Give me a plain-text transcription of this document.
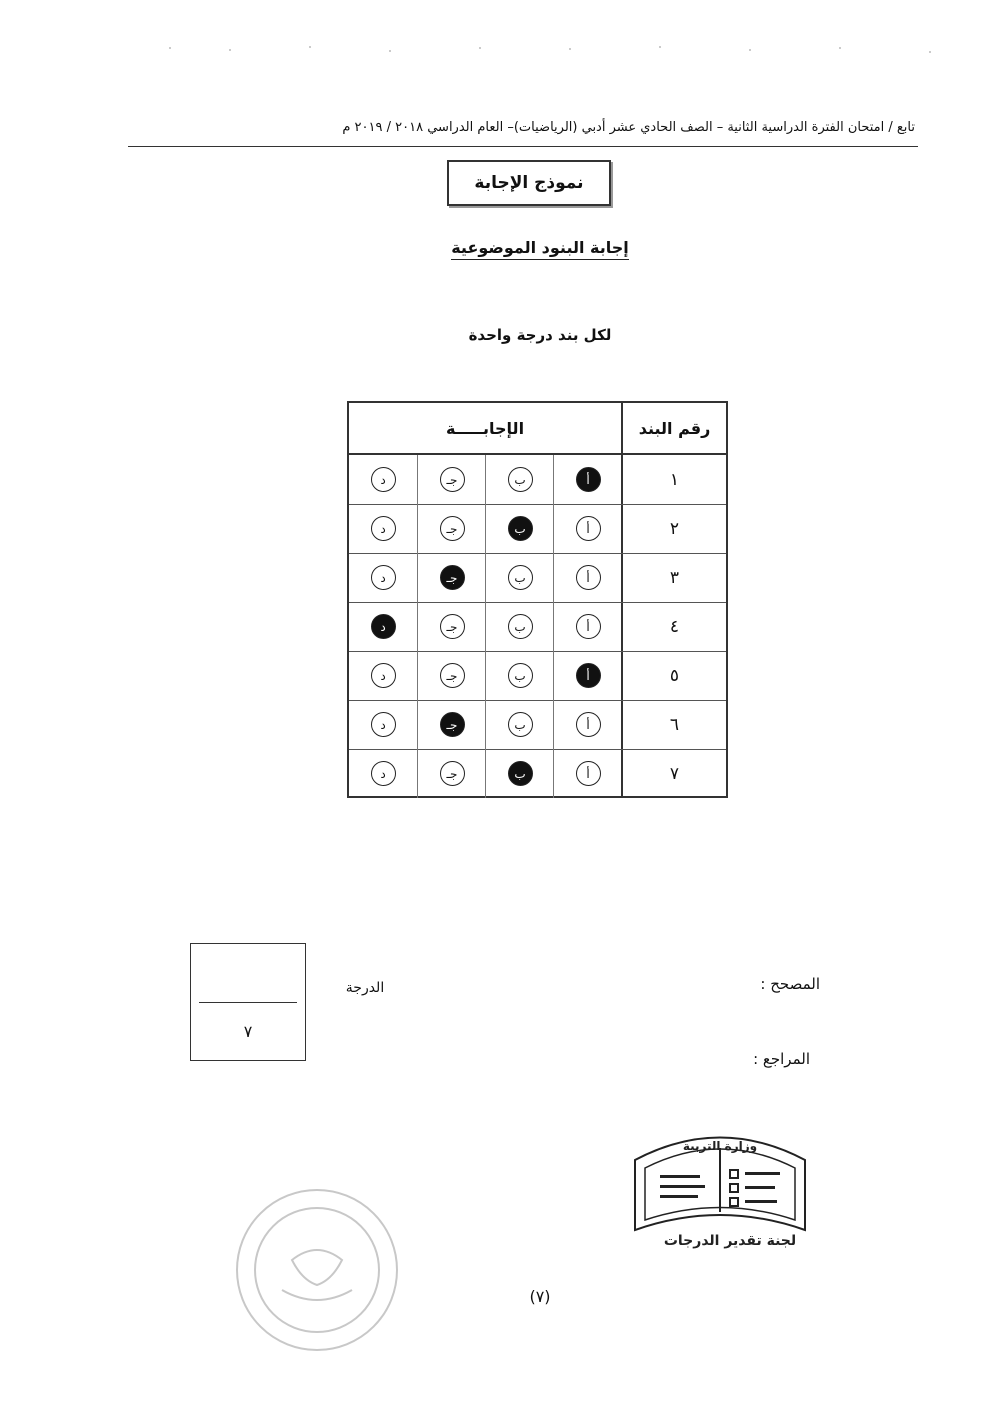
تابع / امتحان الفترة الدراسية الثانية – الصف الحادي عشر أدبي (الرياضيات)– العام الدراسي ٢٠١٨ / ٢٠١٩ م
نموذج الإجابة
إجابة البنود الموضوعية
لكل بند درجة واحدة
رقم البند
الإجابـــــة
١
د	جـ	ب	أ
٢
د	جـ	ب	أ
٣
د	جـ	ب	أ
٤
د	جـ	ب	أ
٥
د	جـ	ب	أ
٦
د	جـ	ب	أ
٧
د	جـ	ب	أ
٧
الدرجة	المصحح :
المراجع :
وزارة التربية
لجنة تقدير الدرجات
(٧)
